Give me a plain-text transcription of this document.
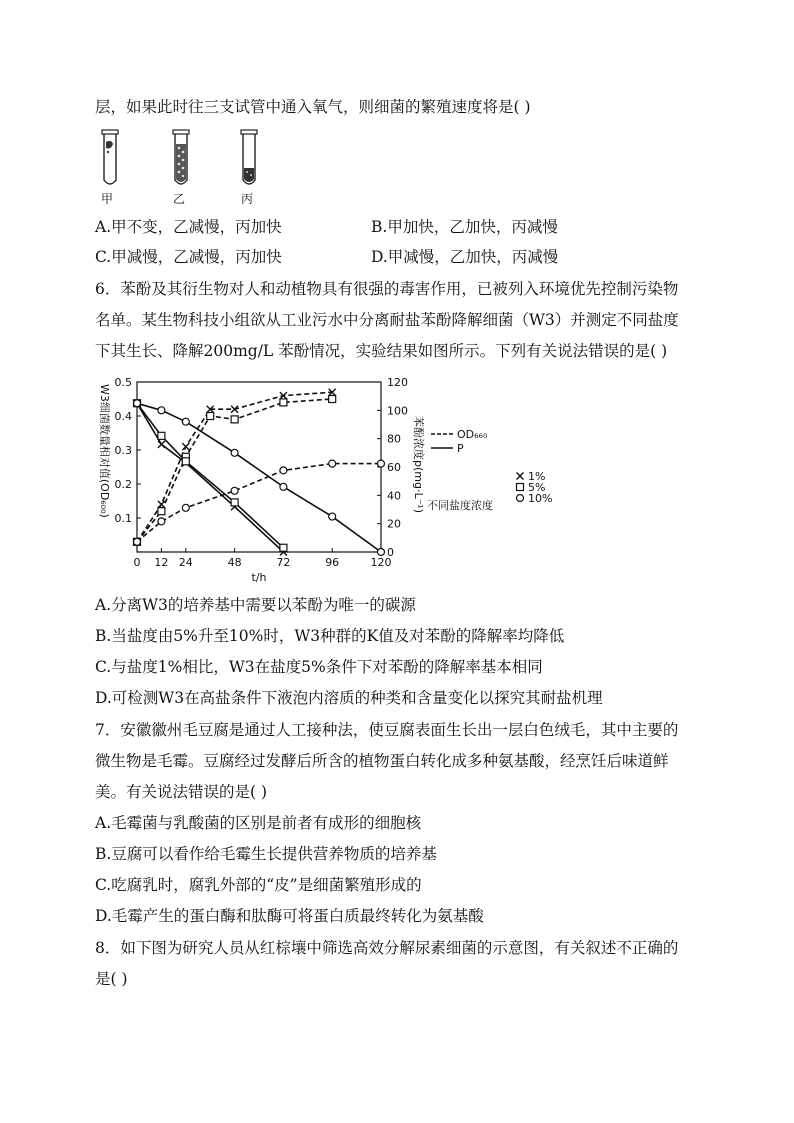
层，如果此时往三支试管中通入氧气，则细菌的繁殖速度将是( )
甲	乙	丙
A.甲不变，乙减慢，丙加快	B.甲加快，乙加快，丙减慢
C.甲减慢，乙减慢，丙加快	D.甲减慢，乙加快，丙减慢
6．苯酚及其衍生物对人和动植物具有很强的毒害作用，已被列入环境优先控制污染物
名单。某生物科技小组欲从工业污水中分离耐盐苯酚降解细菌（W3）并测定不同盐度
下其生长、降解200mg/L 苯酚情况，实验结果如图所示。下列有关说法错误的是( )
0 12 24	48	72	96	120
t/h
0.1
0.2
0.3
0.4
0.5
0
20
40
60
80
100
120
W3细菌数量相对值(OD₆₀₀)	苯酚浓度p(mg·L⁻¹)	OD₆₆₀
P
不同盐度浓度
1%
5%
10%
A.分离W3的培养基中需要以苯酚为唯一的碳源
B.当盐度由5%升至10%时，W3种群的K值及对苯酚的降解率均降低
C.与盐度1%相比，W3在盐度5%条件下对苯酚的降解率基本相同
D.可检测W3在高盐条件下液泡内溶质的种类和含量变化以探究其耐盐机理
7．安徽徽州毛豆腐是通过人工接种法，使豆腐表面生长出一层白色绒毛，其中主要的
微生物是毛霉。豆腐经过发酵后所含的植物蛋白转化成多种氨基酸，经烹饪后味道鲜
美。有关说法错误的是( )
A.毛霉菌与乳酸菌的区别是前者有成形的细胞核
B.豆腐可以看作给毛霉生长提供营养物质的培养基
C.吃腐乳时，腐乳外部的“皮”是细菌繁殖形成的
D.毛霉产生的蛋白酶和肽酶可将蛋白质最终转化为氨基酸
8．如下图为研究人员从红棕壤中筛选高效分解尿素细菌的示意图，有关叙述不正确的
是( )
